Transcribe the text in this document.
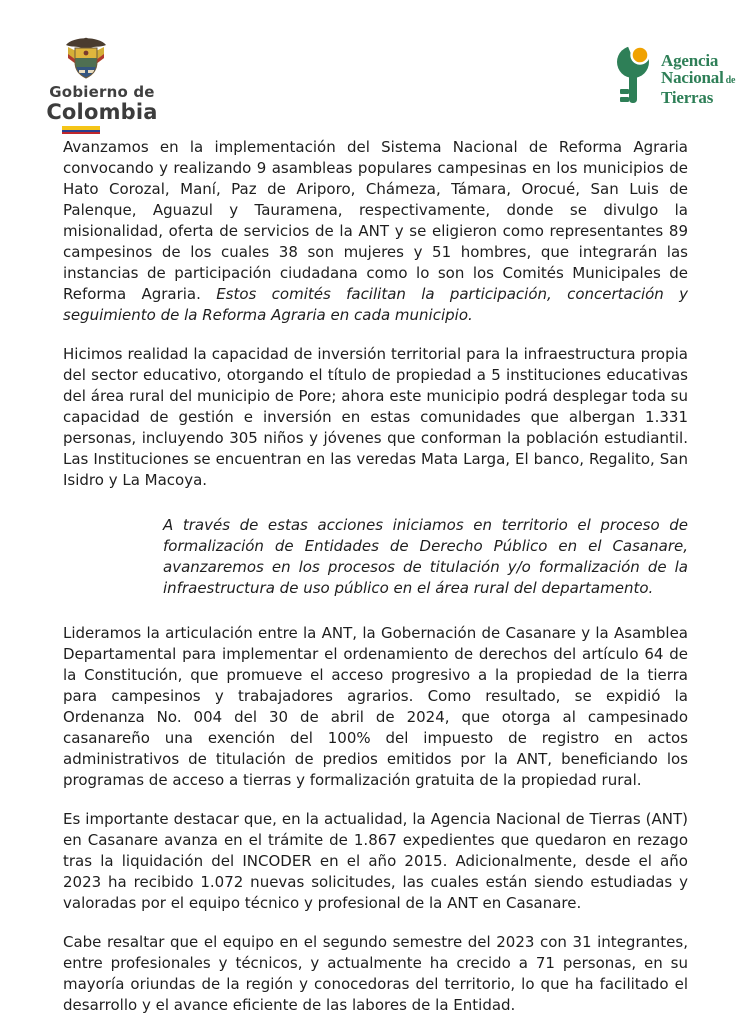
Gobierno de
Colombia
Agencia
Nacional de
Tierras

Avanzamos en la implementación del Sistema Nacional de Reforma Agraria convocando y realizando 9 asambleas populares campesinas en los municipios de Hato Corozal, Maní, Paz de Ariporo, Chámeza, Támara, Orocué, San Luis de Palenque, Aguazul y Tauramena, respectivamente, donde se divulgo la misionalidad, oferta de servicios de la ANT y se eligieron como representantes 89 campesinos de los cuales 38 son mujeres y 51 hombres, que integrarán las instancias de participación ciudadana como lo son los Comités Municipales de Reforma Agraria. Estos comités facilitan la participación, concertación y seguimiento de la Reforma Agraria en cada municipio.

Hicimos realidad la capacidad de inversión territorial para la infraestructura propia del sector educativo, otorgando el título de propiedad a 5 instituciones educativas del área rural del municipio de Pore; ahora este municipio podrá desplegar toda su capacidad de gestión e inversión en estas comunidades que albergan 1.331 personas, incluyendo 305 niños y jóvenes que conforman la población estudiantil. Las Instituciones se encuentran en las veredas Mata Larga, El banco, Regalito, San Isidro y La Macoya.

A través de estas acciones iniciamos en territorio el proceso de formalización de Entidades de Derecho Público en el Casanare, avanzaremos en los procesos de titulación y/o formalización de la infraestructura de uso público en el área rural del departamento.

Lideramos la articulación entre la ANT, la Gobernación de Casanare y la Asamblea Departamental para implementar el ordenamiento de derechos del artículo 64 de la Constitución, que promueve el acceso progresivo a la propiedad de la tierra para campesinos y trabajadores agrarios. Como resultado, se expidió la Ordenanza No. 004 del 30 de abril de 2024, que otorga al campesinado casanareño una exención del 100% del impuesto de registro en actos administrativos de titulación de predios emitidos por la ANT, beneficiando los programas de acceso a tierras y formalización gratuita de la propiedad rural.

Es importante destacar que, en la actualidad, la Agencia Nacional de Tierras (ANT) en Casanare avanza en el trámite de 1.867 expedientes que quedaron en rezago tras la liquidación del INCODER en el año 2015. Adicionalmente, desde el año 2023 ha recibido 1.072 nuevas solicitudes, las cuales están siendo estudiadas y valoradas por el equipo técnico y profesional de la ANT en Casanare.

Cabe resaltar que el equipo en el segundo semestre del 2023 con 31 integrantes, entre profesionales y técnicos, y actualmente ha crecido a 71 personas, en su mayoría oriundas de la región y conocedoras del territorio, lo que ha facilitado el desarrollo y el avance eficiente de las labores de la Entidad.
